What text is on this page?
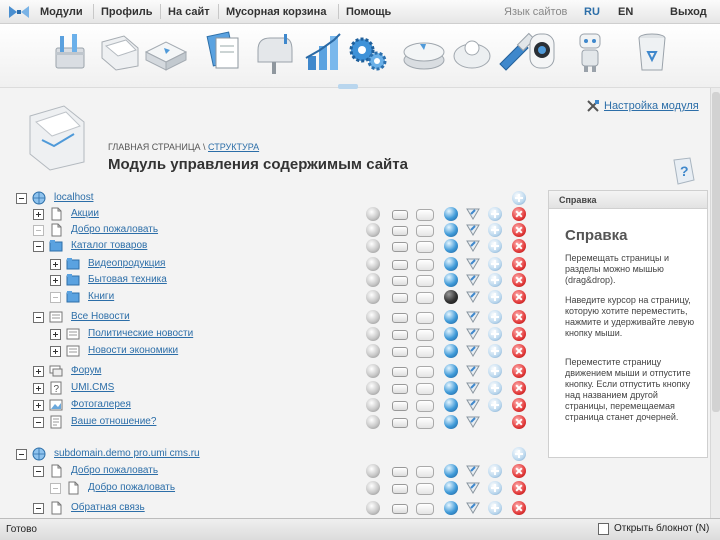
Модули Профиль На сайт Мусорная корзина Помощь	Язык сайтов RU EN	Выход
ГЛАВНАЯ СТРАНИЦА \ СТРУКТУРА
Модуль управления содержимым сайта
Настройка модуля
?
localhost
Акции
Добро пожаловать
Каталог товаров
Видеопродукция
Бытовая техника
Книги
Все Новости
Политические новости
Новости экономики
Форум
? UMI.CMS
Фотогалерея
Ваше отношение?
subdomain.demo pro.umi cms.ru
Добро пожаловать
Добро пожаловать
Обратная связь
Справка
Справка
Перемещать страницы и разделы можно мышью (drag&drop).
Наведите курсор на страницу, которую хотите переместить, нажмите и удерживайте левую кнопку мыши.
Переместите страницу движением мыши и отпустите кнопку. Если отпустить кнопку над названием другой страницы, перемещаемая страница станет дочерней.
Готово	Открыть блокнот (N)
